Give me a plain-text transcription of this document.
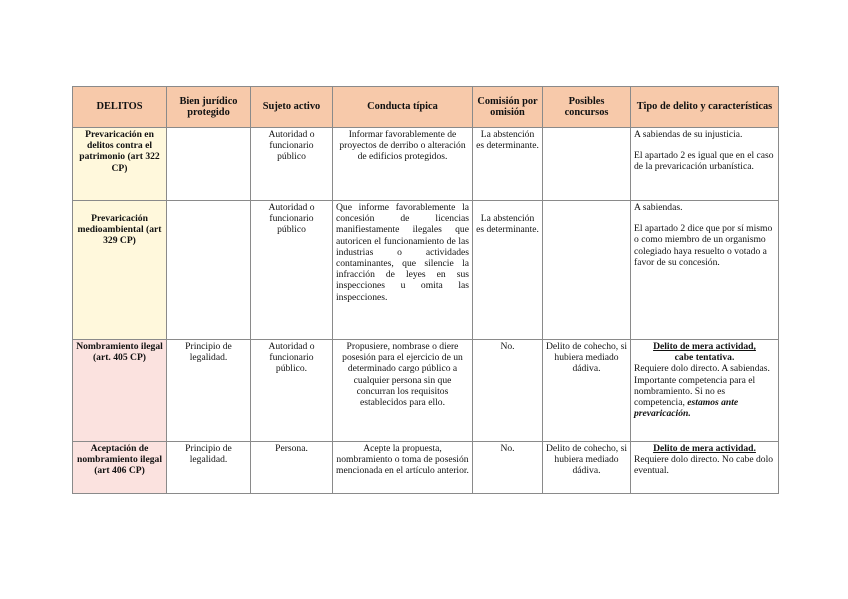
DELITOS	Bien jurídico protegido	Sujeto activo	Conducta típica	Comisión por omisión	Posibles concursos	Tipo de delito y características
Prevaricación en delitos contra el patrimonio (art 322 CP)		Autoridad o funcionario público	Informar favorablemente de proyectos de derribo o alteración de edificios protegidos.	La abstención es determinante.		A sabiendas de su injusticia.

El apartado 2 es igual que en el caso de la prevaricación urbanística.

Prevaricación medioambiental (art 329 CP)		Autoridad o funcionario público	Que informe favorablemente la concesión de licencias manifiestamente ilegales que autoricen el funcionamiento de las industrias o actividades contaminantes, que silencie la infracción de leyes en sus inspecciones u omita las inspecciones.	La abstención es determinante.		A sabiendas.

El apartado 2 dice que por sí mismo o como miembro de un organismo colegiado haya resuelto o votado a favor de su concesión.

Nombramiento ilegal (art. 405 CP)	Principio de legalidad.	Autoridad o funcionario público.	Propusiere, nombrase o diere posesión para el ejercicio de un determinado cargo público a cualquier persona sin que concurran los requisitos establecidos para ello.	No.	Delito de cohecho, si hubiera mediado dádiva.	Delito de mera actividad,

cabe tentativa.

Requiere dolo directo. A sabiendas.

Importante competencia para el nombramiento. Si no es competencia, estamos ante prevaricación.

Aceptación de nombramiento ilegal (art 406 CP)	Principio de legalidad.	Persona.	Acepte la propuesta, nombramiento o toma de posesión mencionada en el artículo anterior.	No.	Delito de cohecho, si hubiera mediado dádiva.	Delito de mera actividad.

Requiere dolo directo. No cabe dolo eventual.
